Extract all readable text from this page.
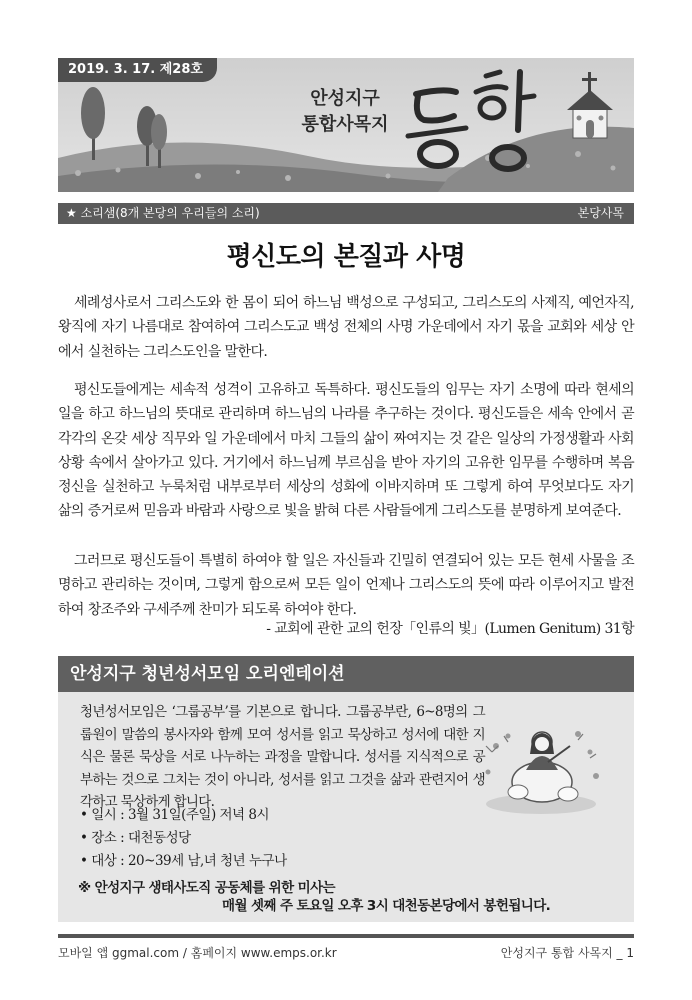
2019. 3. 17. 제28호
안성지구
통합사목지
★ 소리샘(8개 본당의 우리들의 소리)	본당사목
평신도의 본질과 사명

세례성사로서 그리스도와 한 몸이 되어 하느님 백성으로 구성되고, 그리스도의 사제직, 예언자직, 왕직에 자기 나름대로 참여하여 그리스도교 백성 전체의 사명 가운데에서 자기 몫을 교회와 세상 안에서 실천하는 그리스도인을 말한다.

평신도들에게는 세속적 성격이 고유하고 독특하다. 평신도들의 임무는 자기 소명에 따라 현세의 일을 하고 하느님의 뜻대로 관리하며 하느님의 나라를 추구하는 것이다. 평신도들은 세속 안에서 곧 각각의 온갖 세상 직무와 일 가운데에서 마치 그들의 삶이 짜여지는 것 같은 일상의 가정생활과 사회 상황 속에서 살아가고 있다. 거기에서 하느님께 부르심을 받아 자기의 고유한 임무를 수행하며 복음 정신을 실천하고 누룩처럼 내부로부터 세상의 성화에 이바지하며 또 그렇게 하여 무엇보다도 자기 삶의 증거로써 믿음과 바람과 사랑으로 빛을 밝혀 다른 사람들에게 그리스도를 분명하게 보여준다.

그러므로 평신도들이 특별히 하여야 할 일은 자신들과 긴밀히 연결되어 있는 모든 현세 사물을 조명하고 관리하는 것이며, 그렇게 함으로써 모든 일이 언제나 그리스도의 뜻에 따라 이루어지고 발전하여 창조주와 구세주께 찬미가 되도록 하여야 한다.

- 교회에 관한 교의 헌장「인류의 빛」(Lumen Genitum) 31항
안성지구 청년성서모임 오리엔테이션

청년성서모임은 ‘그룹공부’를 기본으로 합니다. 그룹공부란, 6~8명의 그룹원이 말씀의 봉사자와 함께 모여 성서를 읽고 묵상하고 성서에 대한 지식은 물론 묵상을 서로 나누하는 과정을 말합니다. 성서를 지식적으로 공부하는 것으로 그치는 것이 아니라, 성서를 읽고 그것을 삶과 관련지어 생각하고 묵상하게 합니다.

• 일시 : 3월 31일(주일) 저녁 8시
• 장소 : 대천동성당
• 대상 : 20~39세 남,녀 청년 누구나
※ 안성지구 생태사도직 공동체를 위한 미사는
매월 셋째 주 토요일 오후 3시 대천동본당에서 봉헌됩니다.
모바일 앱 ggmal.com / 홈페이지 www.emps.or.kr	안성지구 통합 사목지 _ 1
